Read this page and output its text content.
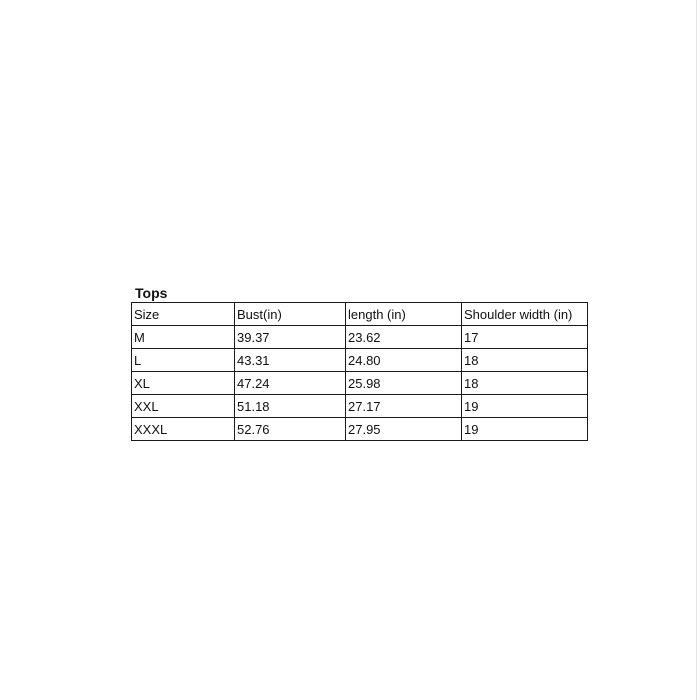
Tops
Size	Bust(in)	length (in)	Shoulder width (in)
M	39.37	23.62	17
L	43.31	24.80	18
XL	47.24	25.98	18
XXL	51.18	27.17	19
XXXL	52.76	27.95	19
